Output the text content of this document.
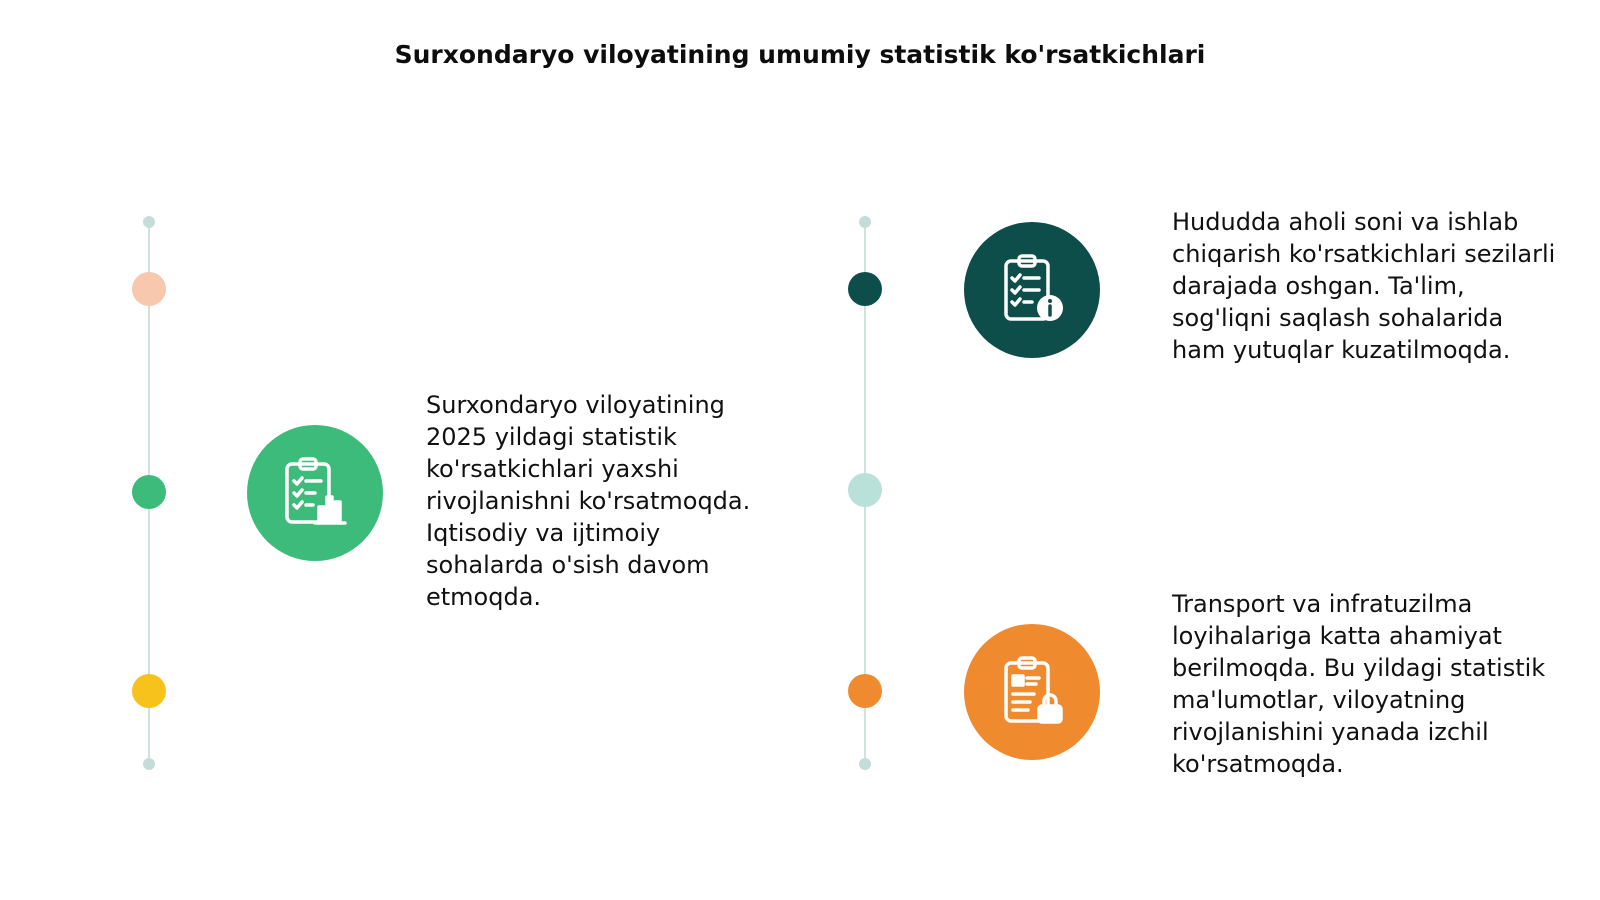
Surxondaryo viloyatining umumiy statistik ko'rsatkichlari
Surxondaryo viloyatining 2025 yildagi statistik ko'rsatkichlari yaxshi rivojlanishni ko'rsatmoqda. Iqtisodiy va ijtimoiy sohalarda o'sish davom etmoqda.
Hududda aholi soni va ishlab chiqarish ko'rsatkichlari sezilarli darajada oshgan. Ta'lim, sog'liqni saqlash sohalarida ham yutuqlar kuzatilmoqda.
Transport va infratuzilma loyihalariga katta ahamiyat berilmoqda. Bu yildagi statistik ma'lumotlar, viloyatning rivojlanishini yanada izchil ko'rsatmoqda.
